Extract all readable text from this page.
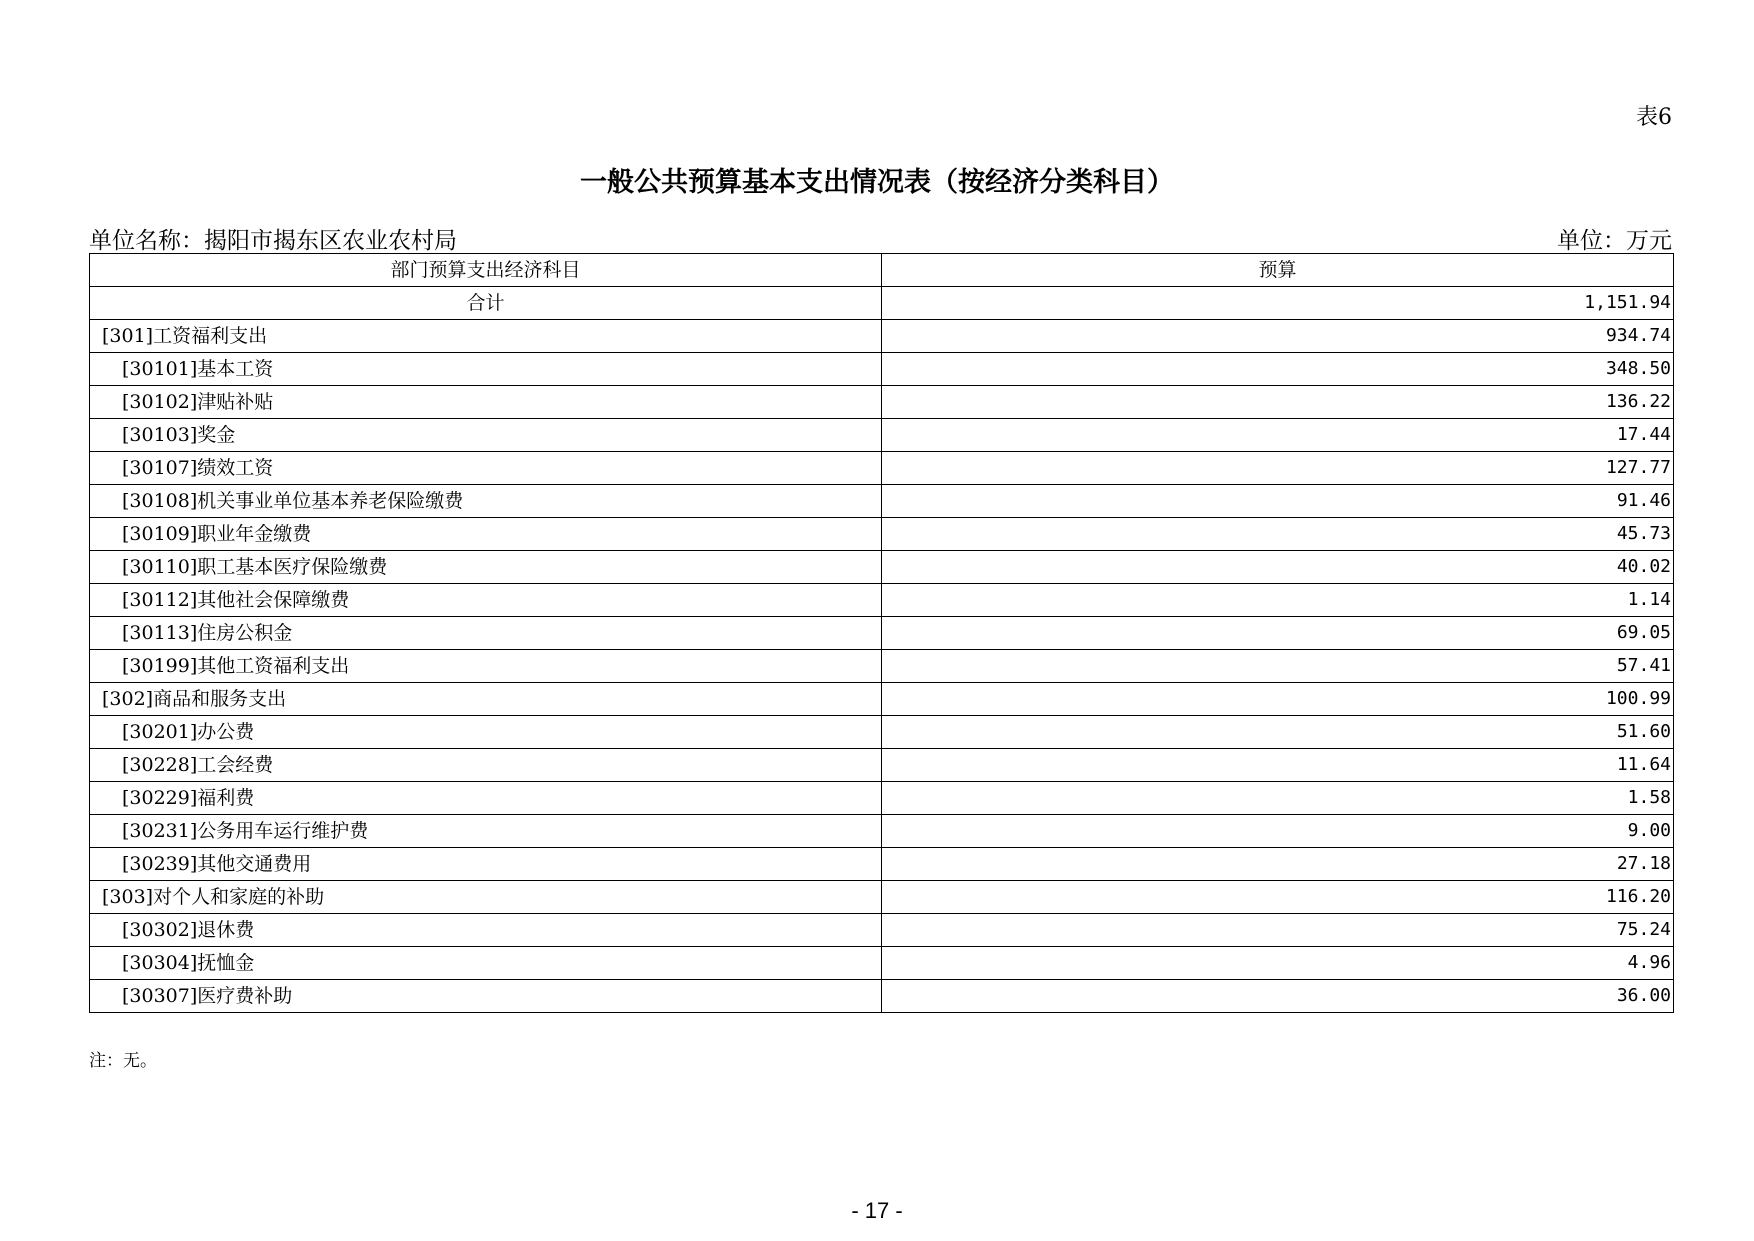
表6
一般公共预算基本支出情况表（按经济分类科目）
单位名称：揭阳市揭东区农业农村局	单位：万元
部门预算支出经济科目	预算
合计	1,151.94
[301]工资福利支出	934.74
[30101]基本工资	348.50
[30102]津贴补贴	136.22
[30103]奖金	17.44
[30107]绩效工资	127.77
[30108]机关事业单位基本养老保险缴费	91.46
[30109]职业年金缴费	45.73
[30110]职工基本医疗保险缴费	40.02
[30112]其他社会保障缴费	1.14
[30113]住房公积金	69.05
[30199]其他工资福利支出	57.41
[302]商品和服务支出	100.99
[30201]办公费	51.60
[30228]工会经费	11.64
[30229]福利费	1.58
[30231]公务用车运行维护费	9.00
[30239]其他交通费用	27.18
[303]对个人和家庭的补助	116.20
[30302]退休费	75.24
[30304]抚恤金	4.96
[30307]医疗费补助	36.00
注：无。
- 17 -
